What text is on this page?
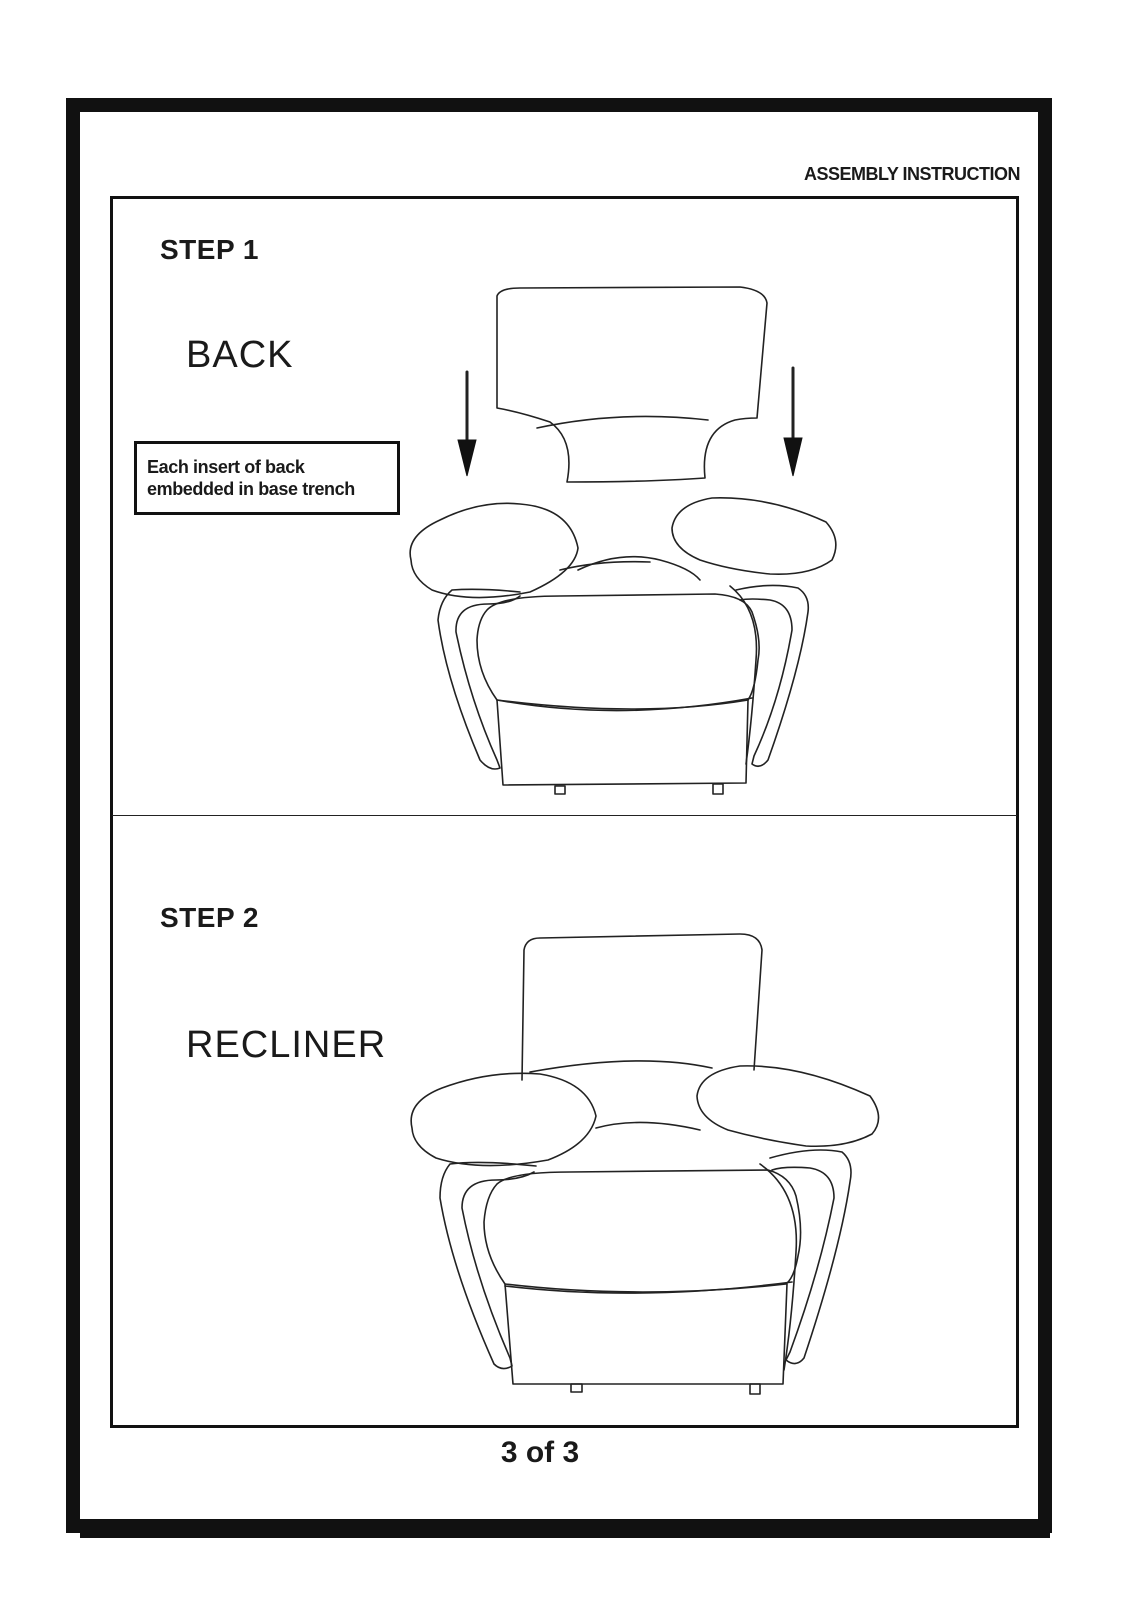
ASSEMBLY INSTRUCTION
STEP 1
BACK
Each insert of back
embedded in base trench
STEP 2
RECLINER
3 of 3
